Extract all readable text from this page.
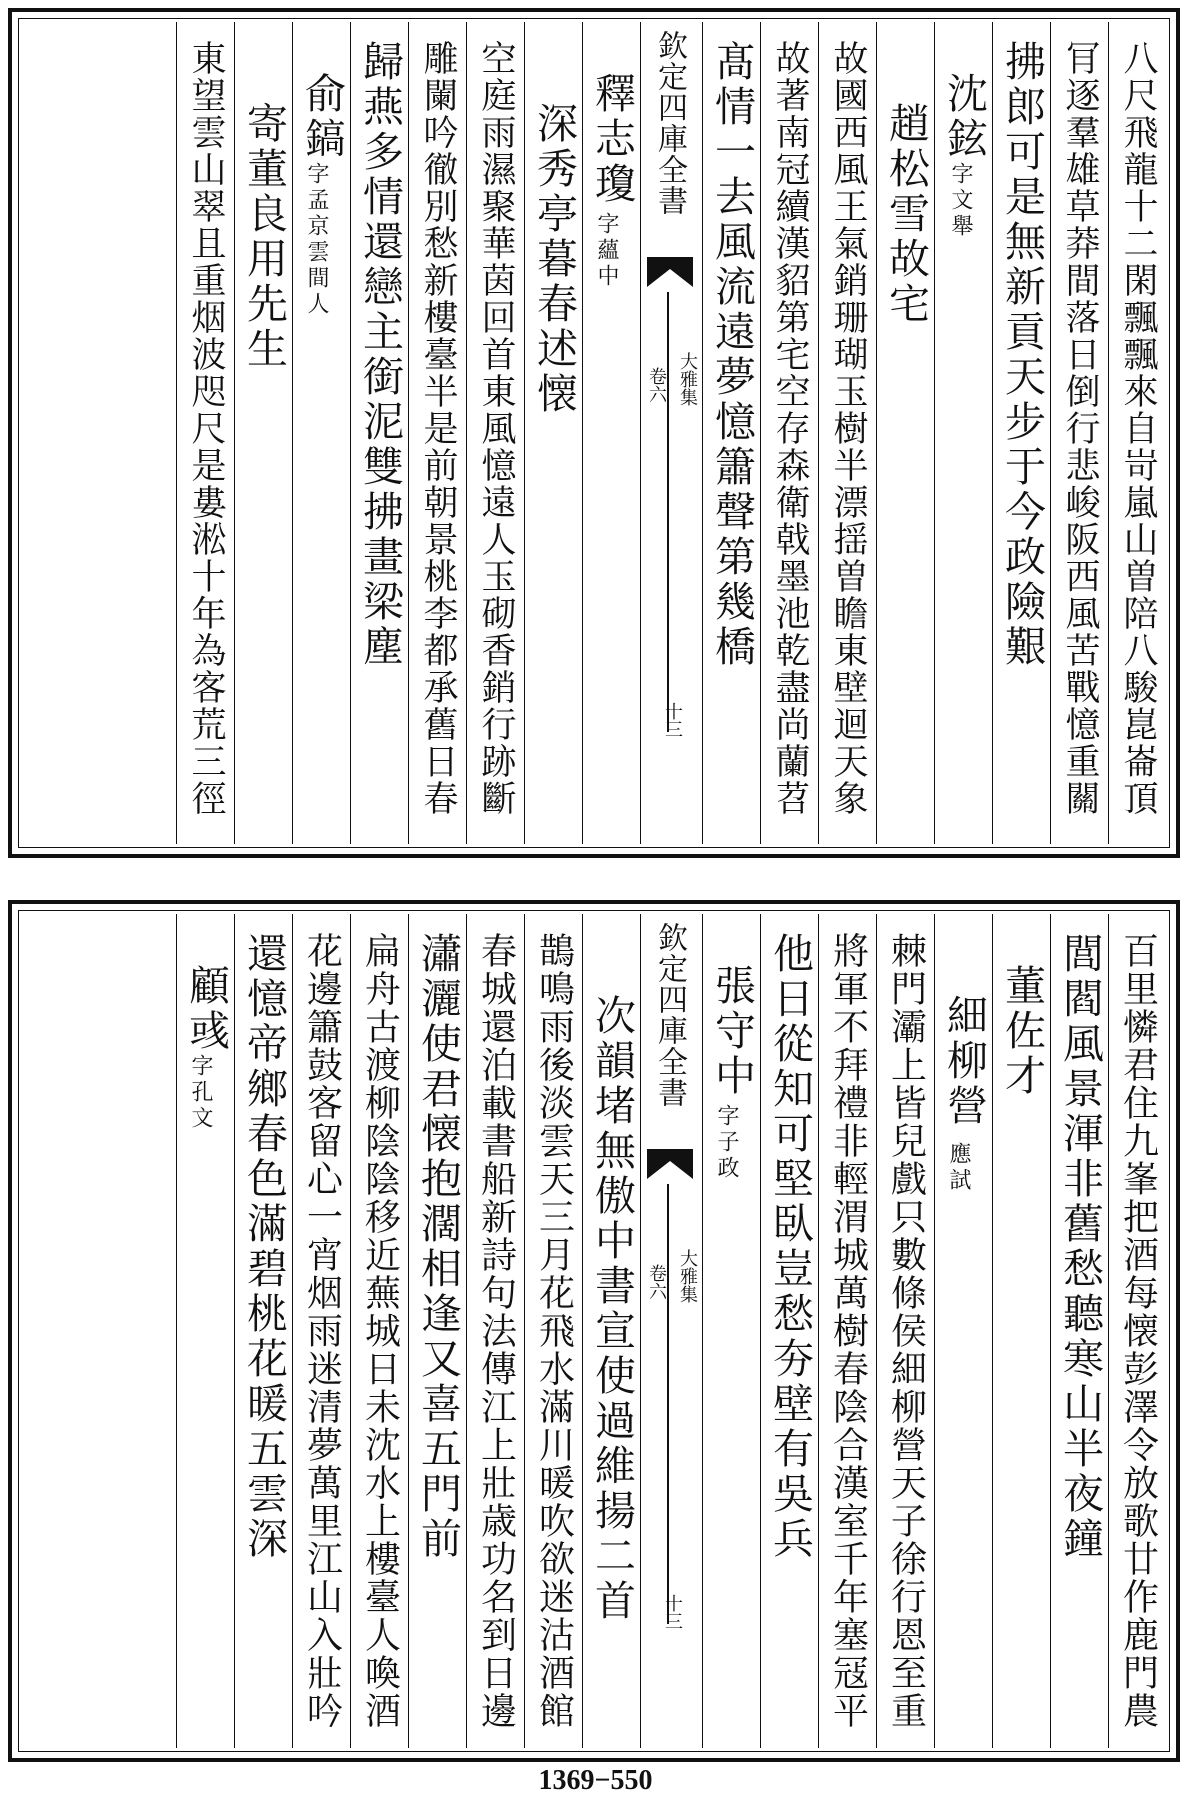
八尺飛龍十二閑飄飄來自岢嵐山曽陪八駿崑崙頂
肎逐羣雄草莽間落日倒行悲峻阪西風苦戰憶重關
拂郎可是無新貢天步于今政險艱
沈鉉
字文舉
趙松雪故宅
故國西風王氣銷珊瑚玉樹半漂揺曽瞻東壁迴天象
故著南冠續漢貂第宅空存森衛戟墨池乾盡尚蘭苕
髙情一去風流遠夢憶簫聲第幾橋
欽定四庫全書
大雅集
卷六
十三
釋志瓊
字蘊中
深秀亭暮春述懐
空庭雨濕聚華茵回首東風憶遠人玉砌香銷行跡斷
雕闌吟徹別愁新樓臺半是前朝景桃李都承舊日春
歸燕多情還戀主銜泥雙拂畫梁塵
俞鎬
字孟京雲間人
寄董良用先生
東望雲山翠且重烟波咫尺是婁淞十年為客荒三徑
百里憐君住九峯把酒每懐彭澤令放歌廿作鹿門農
閭閻風景渾非舊愁聽寒山半夜鐘
董佐才
細柳營
應試
棘門灞上皆兒戲只數條侯細柳營天子徐行恩至重
將軍不拜禮非輕渭城萬樹春陰合漢室千年塞冦平
他日從知可堅臥豈愁夯壁有吳兵
張守中
字子政
欽定四庫全書
大雅集
卷六
十三
次韻堵無傲中書宣使過維揚二首
鵲鳴雨後淡雲天三月花飛水滿川暖吹欲迷沽酒館
春城還泊載書船新詩句法傳江上壯歳功名到日邊
瀟灑使君懐抱濶相逢又喜五門前
扁舟古渡柳陰陰移近蕪城日未沈水上樓臺人喚酒
花邊簫鼓客留心一宵烟雨迷清夢萬里江山入壯吟
還憶帝鄉春色滿碧桃花暖五雲深
顧彧
字孔文
1369−550
